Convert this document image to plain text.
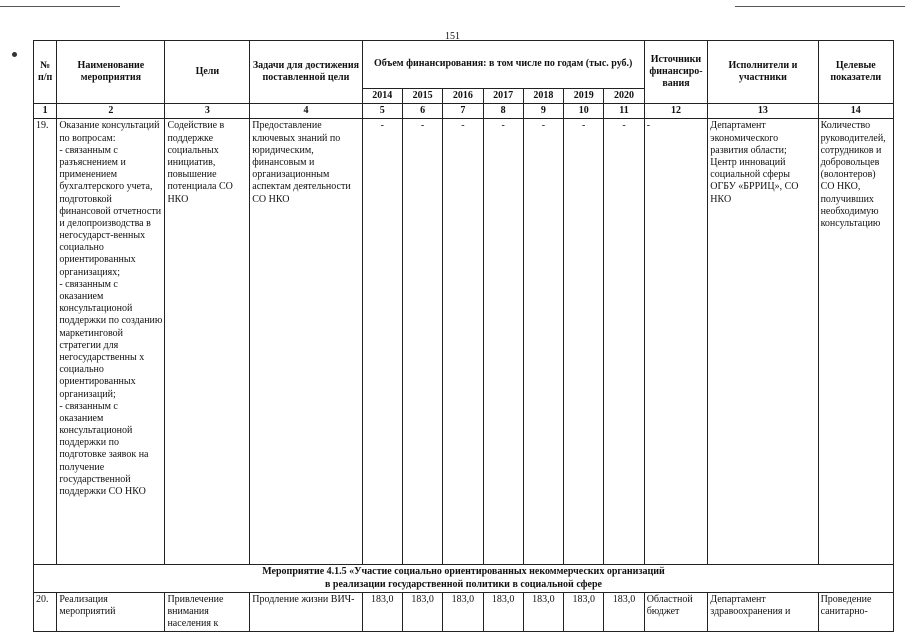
151
№ п/п	Наименование мероприятия	Цели	Задачи для достижения поставленной цели	Объем финансирования: в том числе по годам (тыс. руб.)							Источники финансиро-вания	Исполнители и участники	Целевые показатели
				2014	2015	2016	2017	2018	2019	2020			
1	2	3	4	5	6	7	8	9	10	11	12	13	14
19.	Оказание консультаций по вопросам:
- связанным с разъяснением и применением бухгалтерского учета, подготовкой финансовой отчетности и делопроизводства в негосударст-венных социально ориентированных организациях;
- связанным с оказанием консультационой поддержки по созданию маркетинговой стратегии для негосударственны х социально ориентированных организаций;
- связанным с оказанием консультационой поддержки по подготовке заявок на получение государственной поддержки СО НКО	Содействие в поддержке социальных инициатив, повышение потенциала СО НКО	Предоставление ключевых знаний по юридическим, финансовым и организационным аспектам деятельности СО НКО	-	-	-	-	-	-	-	-	Департамент экономического развития области; Центр инноваций социальной сферы ОГБУ «БРРИЦ», СО НКО	Количество руководителей, сотрудников и добровольцев (волонтеров) СО НКО, получивших необходимую консультацию

Мероприятие 4.1.5 «Участие социально ориентированных некоммерческих организаций
в реализации государственной политики в социальной сфере													

20.	Реализация мероприятий	Привлечение внимания населения к	Продление жизни ВИЧ-	183,0	183,0	183,0	183,0	183,0	183,0	183,0	Областной бюджет	Департамент здравоохранения и	Проведение санитарно-
